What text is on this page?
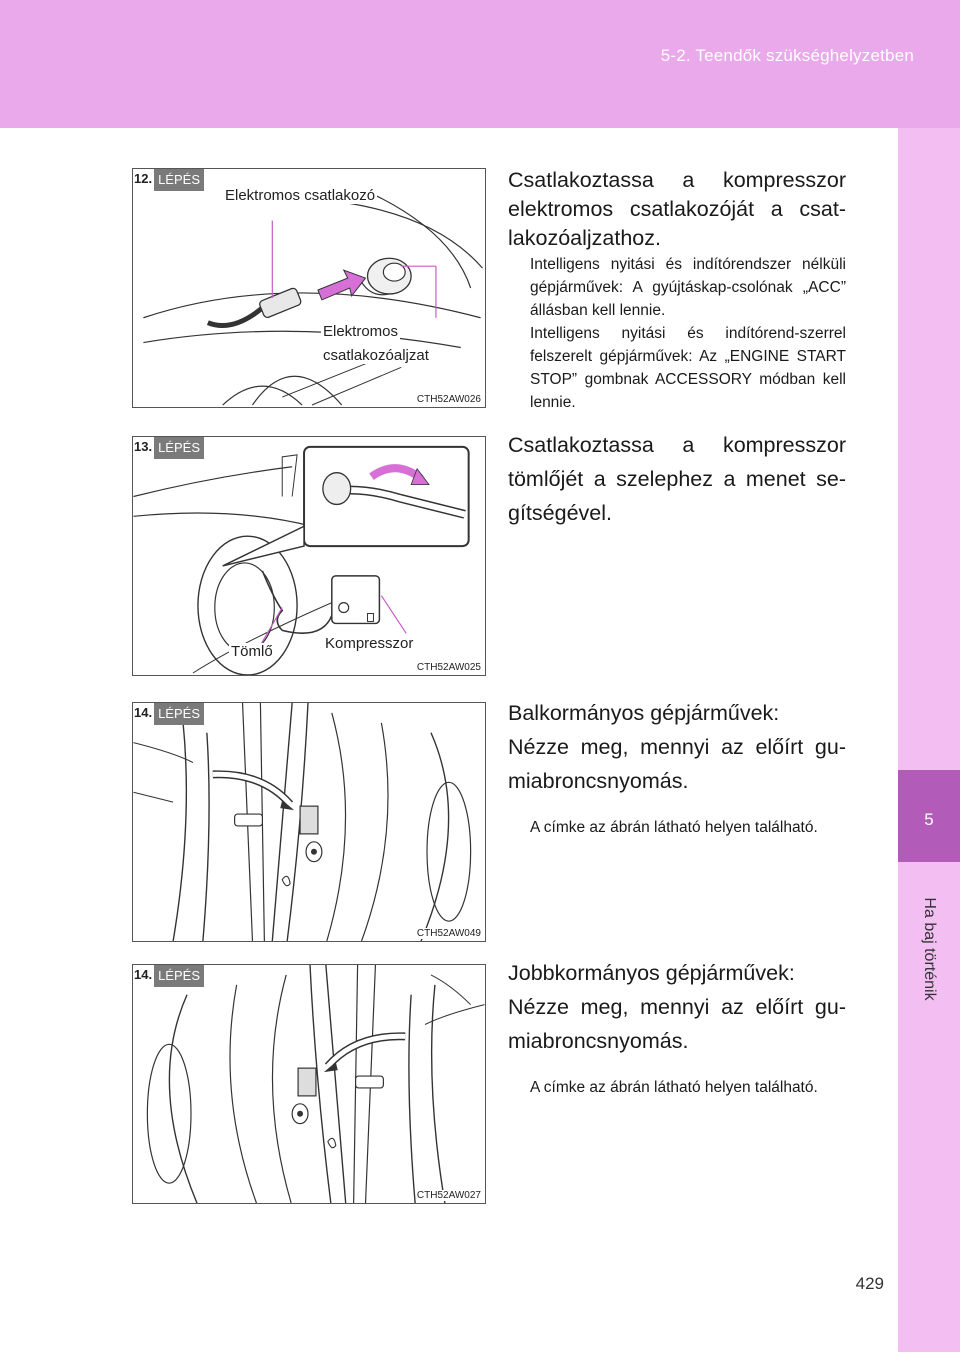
5-2. Teendők szükséghelyzetben
5
Ha baj történik
12. LÉPÉS
Elektromos csatlakozó
Elektromos
csatlakozóaljzat
CTH52AW026

Csatlakoztassa a kompresszor elektromos csatlakozóját a csat-lakozóaljzathoz.

Intelligens nyitási és indítórendszer nélküli gépjárművek: A gyújtáskap-csolónak „ACC” állásban kell lennie.

Intelligens nyitási és indítórend-szerrel felszerelt gépjárművek: Az „ENGINE START STOP” gombnak ACCESSORY módban kell lennie.

13. LÉPÉS
Tömlő	Kompresszor
CTH52AW025

Csatlakoztassa a kompresszor tömlőjét a szelephez a menet se-gítségével.

14. LÉPÉS
CTH52AW049

Balkormányos gépjárművek:

Nézze meg, mennyi az előírt gu-miabroncsnyomás.

A címke az ábrán látható helyen található.

14. LÉPÉS
CTH52AW027

Jobbkormányos gépjárművek:

Nézze meg, mennyi az előírt gu-miabroncsnyomás.

A címke az ábrán látható helyen található.

429
